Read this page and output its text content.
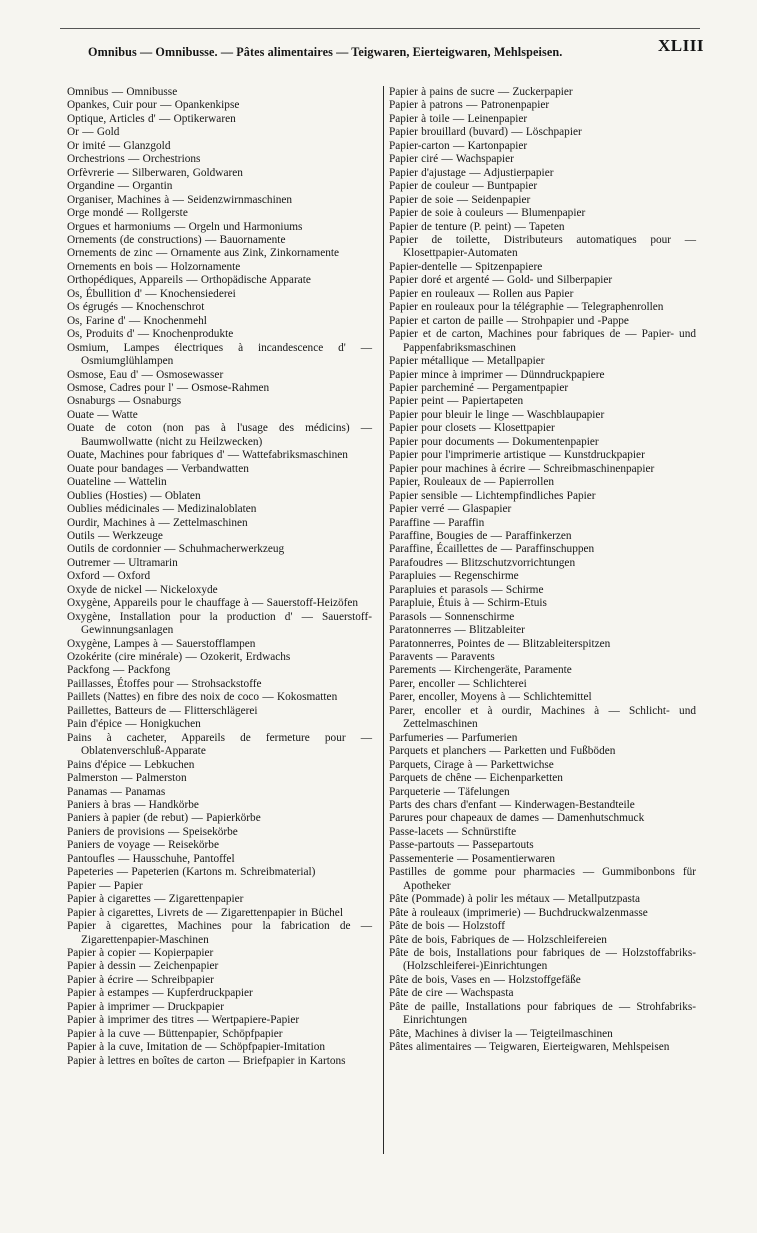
Omnibus — Omnibusse. — Pâtes alimentaires — Teigwaren, Eierteigwaren, Mehlspeisen.	XLIII
Omnibus — Omnibusse
Opankes, Cuir pour — Opankenkipse
Optique, Articles d' — Optikerwaren
Or — Gold
Or imité — Glanzgold
Orchestrions — Orchestrions
Orfèvrerie — Silberwaren, Goldwaren
Organdine — Organtin
Organiser, Machines à — Seidenzwirnmaschinen
Orge mondé — Rollgerste
Orgues et harmoniums — Orgeln und Harmoniums
Ornements (de constructions) — Bauornamente
Ornements de zinc — Ornamente aus Zink, Zinkornamente
Ornements en bois — Holzornamente
Orthopédiques, Appareils — Orthopädische Apparate
Os, Ébullition d' — Knochensiederei
Os égrugés — Knochenschrot
Os, Farine d' — Knochenmehl
Os, Produits d' — Knochenprodukte
Osmium, Lampes électriques à incandescence d' — Osmiumglühlampen
Osmose, Eau d' — Osmosewasser
Osmose, Cadres pour l' — Osmose-Rahmen
Osnaburgs — Osnaburgs
Ouate — Watte
Ouate de coton (non pas à l'usage des médicins) — Baumwollwatte (nicht zu Heilzwecken)
Ouate, Machines pour fabriques d' — Wattefabriksmaschinen
Ouate pour bandages — Verbandwatten
Ouateline — Wattelin
Oublies (Hosties) — Oblaten
Oublies médicinales — Medizinaloblaten
Ourdir, Machines à — Zettelmaschinen
Outils — Werkzeuge
Outils de cordonnier — Schuhmacherwerkzeug
Outremer — Ultramarin
Oxford — Oxford
Oxyde de nickel — Nickeloxyde
Oxygène, Appareils pour le chauffage à — Sauerstoff-Heizöfen
Oxygène, Installation pour la production d' — Sauerstoff-Gewinnungsanlagen
Oxygène, Lampes à — Sauerstofflampen
Ozokérite (cire minérale) — Ozokerit, Erdwachs
Packfong — Packfong
Paillasses, Étoffes pour — Strohsackstoffe
Paillets (Nattes) en fibre des noix de coco — Kokosmatten
Paillettes, Batteurs de — Flitterschlägerei
Pain d'épice — Honigkuchen
Pains à cacheter, Appareils de fermeture pour — Oblatenverschluß-Apparate
Pains d'épice — Lebkuchen
Palmerston — Palmerston
Panamas — Panamas
Paniers à bras — Handkörbe
Paniers à papier (de rebut) — Papierkörbe
Paniers de provisions — Speisekörbe
Paniers de voyage — Reisekörbe
Pantoufles — Hausschuhe, Pantoffel
Papeteries — Papeterien (Kartons m. Schreibmaterial)
Papier — Papier
Papier à cigarettes — Zigarettenpapier
Papier à cigarettes, Livrets de — Zigarettenpapier in Büchel
Papier à cigarettes, Machines pour la fabrication de — Zigarettenpapier-Maschinen
Papier à copier — Kopierpapier
Papier à dessin — Zeichenpapier
Papier à écrire — Schreibpapier
Papier à estampes — Kupferdruckpapier
Papier à imprimer — Druckpapier
Papier à imprimer des titres — Wertpapiere-Papier
Papier à la cuve — Büttenpapier, Schöpfpapier
Papier à la cuve, Imitation de — Schöpfpapier-Imitation
Papier à lettres en boîtes de carton — Briefpapier in Kartons
Papier à pains de sucre — Zuckerpapier
Papier à patrons — Patronenpapier
Papier à toile — Leinenpapier
Papier brouillard (buvard) — Löschpapier
Papier-carton — Kartonpapier
Papier ciré — Wachspapier
Papier d'ajustage — Adjustierpapier
Papier de couleur — Buntpapier
Papier de soie — Seidenpapier
Papier de soie à couleurs — Blumenpapier
Papier de tenture (P. peint) — Tapeten
Papier de toilette, Distributeurs automatiques pour — Klosettpapier-Automaten
Papier-dentelle — Spitzenpapiere
Papier doré et argenté — Gold- und Silberpapier
Papier en rouleaux — Rollen aus Papier
Papier en rouleaux pour la télégraphie — Telegraphenrollen
Papier et carton de paille — Strohpapier und -Pappe
Papier et de carton, Machines pour fabriques de — Papier- und Pappenfabriksmaschinen
Papier métallique — Metallpapier
Papier mince à imprimer — Dünndruckpapiere
Papier parcheminé — Pergamentpapier
Papier peint — Papiertapeten
Papier pour bleuir le linge — Waschblaupapier
Papier pour closets — Klosettpapier
Papier pour documents — Dokumentenpapier
Papier pour l'imprimerie artistique — Kunstdruckpapier
Papier pour machines à écrire — Schreibmaschinenpapier
Papier, Rouleaux de — Papierrollen
Papier sensible — Lichtempfindliches Papier
Papier verré — Glaspapier
Paraffine — Paraffin
Paraffine, Bougies de — Paraffinkerzen
Paraffine, Écaillettes de — Paraffinschuppen
Parafoudres — Blitzschutzvorrichtungen
Parapluies — Regenschirme
Parapluies et parasols — Schirme
Parapluie, Étuis à — Schirm-Etuis
Parasols — Sonnenschirme
Paratonnerres — Blitzableiter
Paratonnerres, Pointes de — Blitzableiterspitzen
Paravents — Paravents
Parements — Kirchengeräte, Paramente
Parer, encoller — Schlichterei
Parer, encoller, Moyens à — Schlichtemittel
Parer, encoller et à ourdir, Machines à — Schlicht- und Zettelmaschinen
Parfumeries — Parfumerien
Parquets et planchers — Parketten und Fußböden
Parquets, Cirage à — Parkettwichse
Parquets de chêne — Eichenparketten
Parqueterie — Täfelungen
Parts des chars d'enfant — Kinderwagen-Bestandteile
Parures pour chapeaux de dames — Damenhutschmuck
Passe-lacets — Schnürstifte
Passe-partouts — Passepartouts
Passementerie — Posamentierwaren
Pastilles de gomme pour pharmacies — Gummibonbons für Apotheker
Pâte (Pommade) à polir les métaux — Metallputzpasta
Pâte à rouleaux (imprimerie) — Buchdruckwalzenmasse
Pâte de bois — Holzstoff
Pâte de bois, Fabriques de — Holzschleifereien
Pâte de bois, Installations pour fabriques de — Holzstoffabriks-(Holzschleiferei-)Einrichtungen
Pâte de bois, Vases en — Holzstoffgefäße
Pâte de cire — Wachspasta
Pâte de paille, Installations pour fabriques de — Strohfabriks-Einrichtungen
Pâte, Machines à diviser la — Teigteilmaschinen
Pâtes alimentaires — Teigwaren, Eierteigwaren, Mehlspeisen
